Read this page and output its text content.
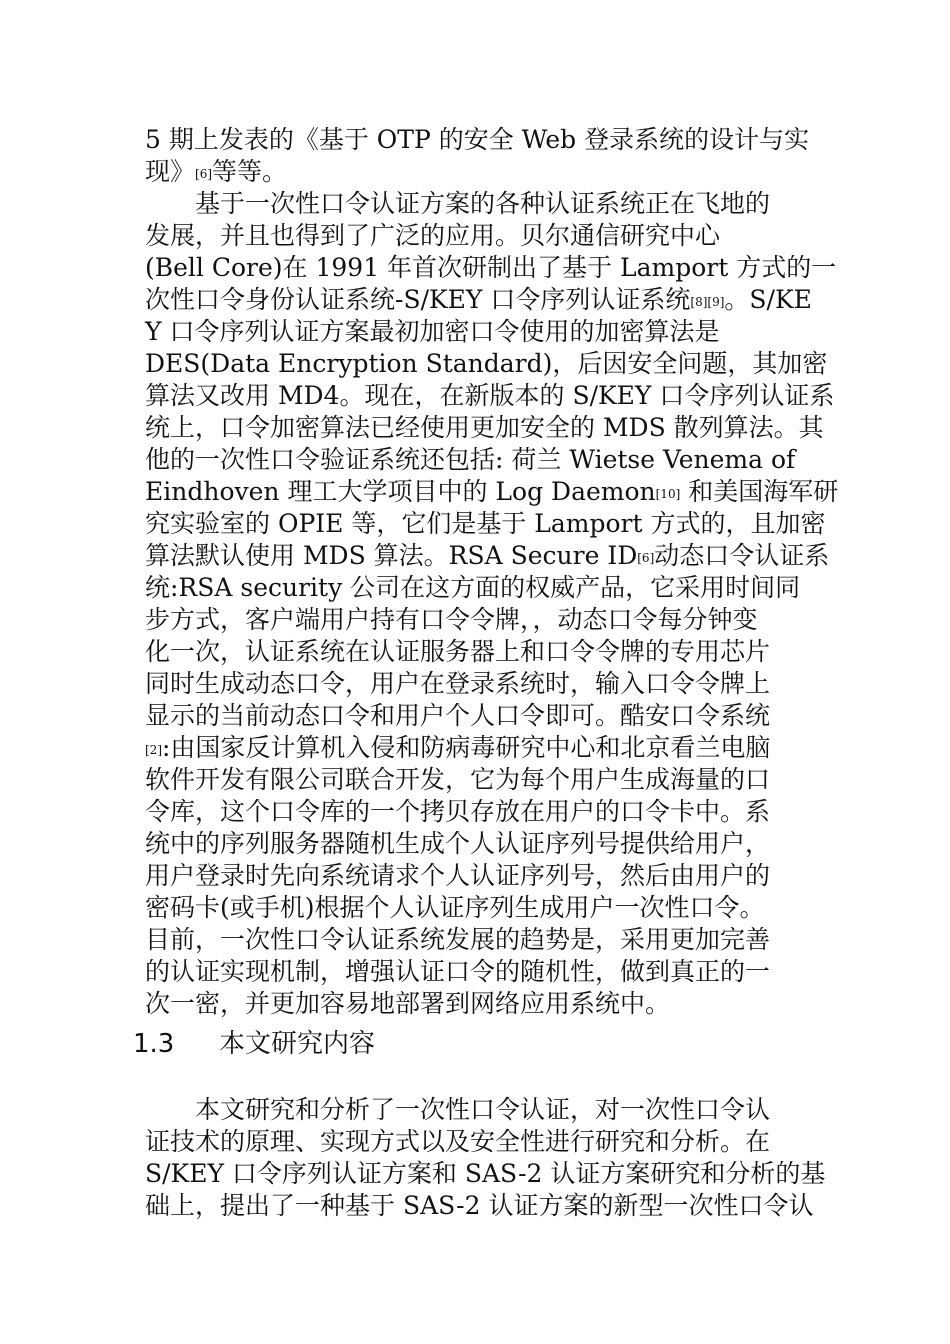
5 期上发表的《基于 OTP 的安全 Web 登录系统的设计与实
现》[6]等等。
基于一次性口令认证方案的各种认证系统正在飞地的
发展，并且也得到了广泛的应用。贝尔通信研究中心
(Bell Core)在 1991 年首次研制出了基于 Lamport 方式的一
次性口令身份认证系统-S/KEY 口令序列认证系统[8][9]。S/KE
Y 口令序列认证方案最初加密口令使用的加密算法是
DES(Data Encryption Standard)，后因安全问题，其加密
算法又改用 MD4。现在，在新版本的 S/KEY 口令序列认证系
统上，口令加密算法已经使用更加安全的 MDS 散列算法。其
他的一次性口令验证系统还包括: 荷兰 Wietse Venema of
Eindhoven 理工大学项目中的 Log Daemon[10] 和美国海军研
究实验室的 OPIE 等，它们是基于 Lamport 方式的，且加密
算法默认使用 MDS 算法。RSA Secure ID[6]动态口令认证系
统:RSA security 公司在这方面的权威产品，它采用时间同
步方式，客户端用户持有口令令牌，，动态口令每分钟变
化一次，认证系统在认证服务器上和口令令牌的专用芯片
同时生成动态口令，用户在登录系统时，输入口令令牌上
显示的当前动态口令和用户个人口令即可。酷安口令系统
[2]:由国家反计算机入侵和防病毒研究中心和北京看兰电脑
软件开发有限公司联合开发，它为每个用户生成海量的口
令库，这个口令库的一个拷贝存放在用户的口令卡中。系
统中的序列服务器随机生成个人认证序列号提供给用户，
用户登录时先向系统请求个人认证序列号，然后由用户的
密码卡(或手机)根据个人认证序列生成用户一次性口令。
目前，一次性口令认证系统发展的趋势是，采用更加完善
的认证实现机制，增强认证口令的随机性，做到真正的一
次一密，并更加容易地部署到网络应用系统中。
1.3 本文研究内容
本文研究和分析了一次性口令认证，对一次性口令认
证技术的原理、实现方式以及安全性进行研究和分析。在
S/KEY 口令序列认证方案和 SAS-2 认证方案研究和分析的基
础上，提出了一种基于 SAS-2 认证方案的新型一次性口令认
